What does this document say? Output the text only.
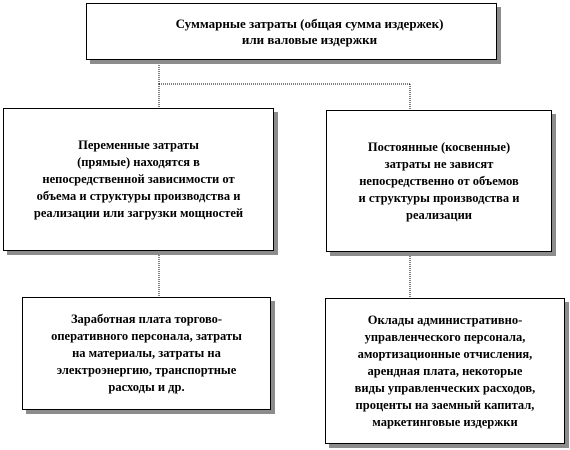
Суммарные затраты (общая сумма издержек)
или валовые издержки
Переменные затраты
(прямые) находятся в
непосредственной зависимости от
объема и структуры производства и
реализации или загрузки мощностей
Постоянные (косвенные)
затраты не зависят
непосредственно от объемов
и структуры производства и
реализации
Заработная плата торгово-
оперативного персонала, затраты
на материалы, затраты на
электроэнергию, транспортные
расходы и др.
Оклады административно-
управленческого персонала,
амортизационные отчисления,
арендная плата, некоторые
виды управленческих расходов,
проценты на заемный капитал,
маркетинговые издержки
